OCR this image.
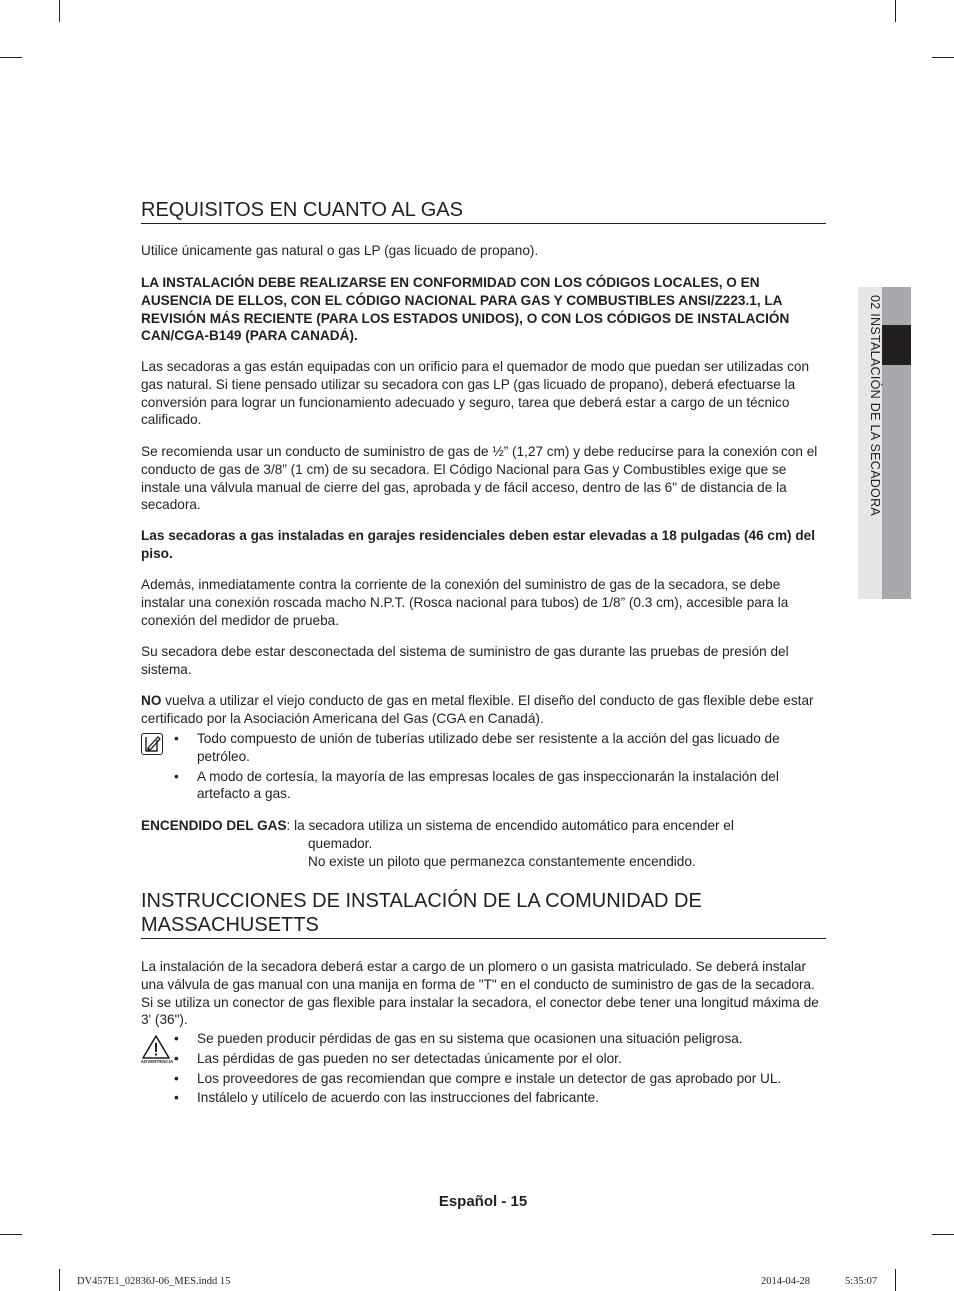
02 INSTALACIÓN DE LA SECADORA
REQUISITOS EN CUANTO AL GAS

Utilice únicamente gas natural o gas LP (gas licuado de propano).

LA INSTALACIÓN DEBE REALIZARSE EN CONFORMIDAD CON LOS CÓDIGOS LOCALES, O EN AUSENCIA DE ELLOS, CON EL CÓDIGO NACIONAL PARA GAS Y COMBUSTIBLES ANSI/Z223.1, LA REVISIÓN MÁS RECIENTE (PARA LOS ESTADOS UNIDOS), O CON LOS CÓDIGOS DE INSTALACIÓN CAN/CGA-B149 (PARA CANADÁ).

Las secadoras a gas están equipadas con un orificio para el quemador de modo que puedan ser utilizadas con gas natural. Si tiene pensado utilizar su secadora con gas LP (gas licuado de propano), deberá efectuarse la conversión para lograr un funcionamiento adecuado y seguro, tarea que deberá estar a cargo de un técnico calificado.

Se recomienda usar un conducto de suministro de gas de ½” (1,27 cm) y debe reducirse para la conexión con el conducto de gas de 3/8” (1 cm) de su secadora. El Código Nacional para Gas y Combustibles exige que se instale una válvula manual de cierre del gas, aprobada y de fácil acceso, dentro de las 6" de distancia de la secadora.

Las secadoras a gas instaladas en garajes residenciales deben estar elevadas a 18 pulgadas (46 cm) del piso.

Además, inmediatamente contra la corriente de la conexión del suministro de gas de la secadora, se debe instalar una conexión roscada macho N.P.T. (Rosca nacional para tubos) de 1/8” (0.3 cm), accesible para la conexión del medidor de prueba.

Su secadora debe estar desconectada del sistema de suministro de gas durante las pruebas de presión del sistema.

NO vuelva a utilizar el viejo conducto de gas en metal flexible. El diseño del conducto de gas flexible debe estar certificado por la Asociación Americana del Gas (CGA en Canadá).

• Todo compuesto de unión de tuberías utilizado debe ser resistente a la acción del gas licuado de petróleo.
• A modo de cortesía, la mayoría de las empresas locales de gas inspeccionarán la instalación del artefacto a gas.
ENCENDIDO DEL GAS: la secadora utiliza un sistema de encendido automático para encender el
quemador.
No existe un piloto que permanezca constantemente encendido.
INSTRUCCIONES DE INSTALACIÓN DE LA COMUNIDAD DE
MASSACHUSETTS

La instalación de la secadora deberá estar a cargo de un plomero o un gasista matriculado. Se deberá instalar una válvula de gas manual con una manija en forma de "T" en el conducto de suministro de gas de la secadora. Si se utiliza un conector de gas flexible para instalar la secadora, el conector debe tener una longitud máxima de 3' (36").

ADVERTENCIA
• Se pueden producir pérdidas de gas en su sistema que ocasionen una situación peligrosa.
• Las pérdidas de gas pueden no ser detectadas únicamente por el olor.
• Los proveedores de gas recomiendan que compre e instale un detector de gas aprobado por UL.
• Instálelo y utilícelo de acuerdo con las instrucciones del fabricante.
Español - 15
DV457E1_02836J-06_MES.indd 15	2014-04-28	5:35:07
